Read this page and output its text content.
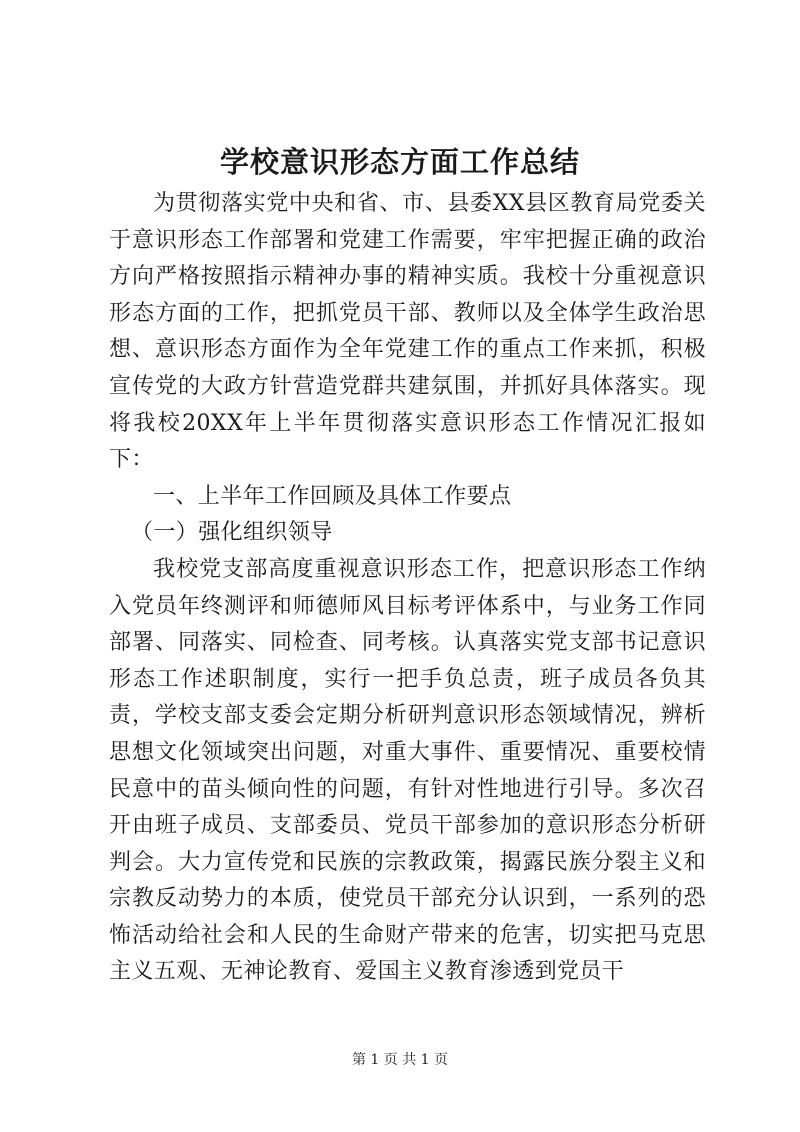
学校意识形态方面工作总结

为贯彻落实党中央和省、市、县委XX县区教育局党委关于意识形态工作部署和党建工作需要，牢牢把握正确的政治方向严格按照指示精神办事的精神实质。我校十分重视意识形态方面的工作，把抓党员干部、教师以及全体学生政治思想、意识形态方面作为全年党建工作的重点工作来抓，积极宣传党的大政方针营造党群共建氛围，并抓好具体落实。现将我校20XX年上半年贯彻落实意识形态工作情况汇报如下：

一、上半年工作回顾及具体工作要点

（一）强化组织领导

我校党支部高度重视意识形态工作，把意识形态工作纳入党员年终测评和师德师风目标考评体系中，与业务工作同部署、同落实、同检查、同考核。认真落实党支部书记意识形态工作述职制度，实行一把手负总责，班子成员各负其责，学校支部支委会定期分析研判意识形态领域情况，辨析思想文化领域突出问题，对重大事件、重要情况、重要校情民意中的苗头倾向性的问题，有针对性地进行引导。多次召开由班子成员、支部委员、党员干部参加的意识形态分析研判会。大力宣传党和民族的宗教政策，揭露民族分裂主义和宗教反动势力的本质，使党员干部充分认识到，一系列的恐怖活动给社会和人民的生命财产带来的危害，切实把马克思主义五观、无神论教育、爱国主义教育渗透到党员干

第 1 页 共 1 页
